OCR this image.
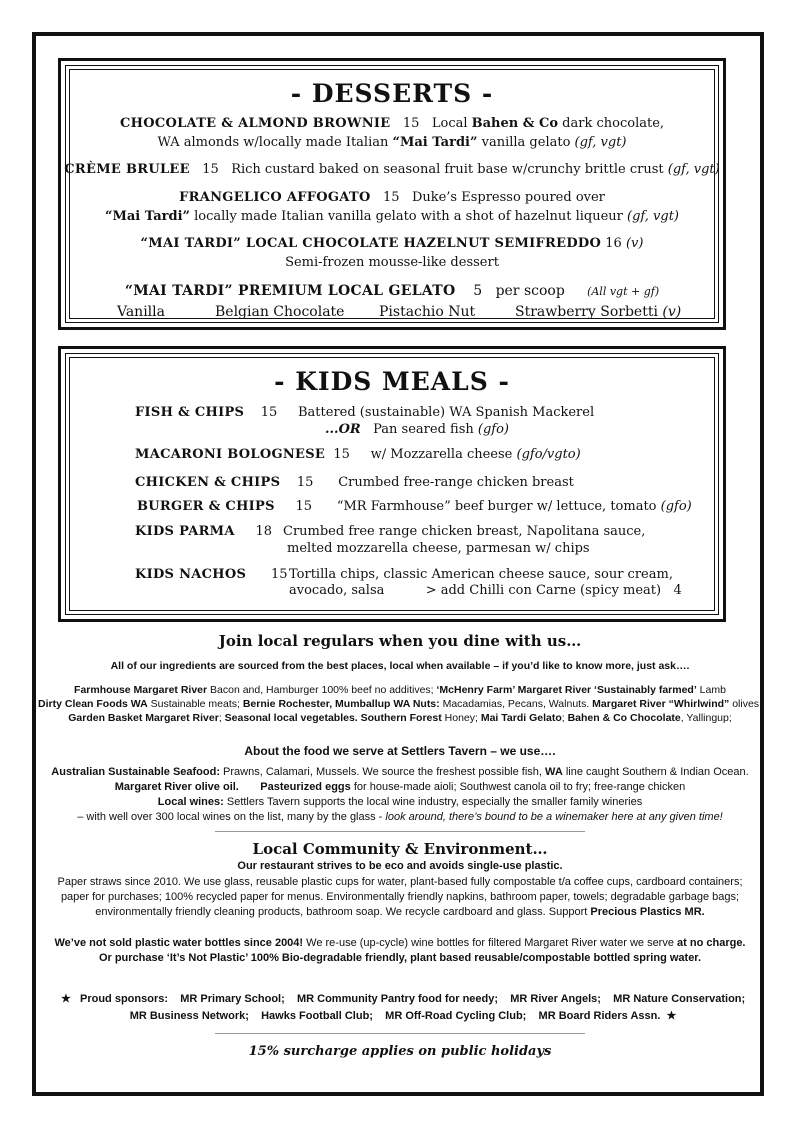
- DESSERTS -
CHOCOLATE & ALMOND BROWNIE 15 Local Bahen & Co dark chocolate,
WA almonds w/locally made Italian “Mai Tardi” vanilla gelato (gf, vgt)
CRÈME BRULEE 15 Rich custard baked on seasonal fruit base w/crunchy brittle crust (gf, vgt)
FRANGELICO AFFOGATO 15 Duke’s Espresso poured over
“Mai Tardi” locally made Italian vanilla gelato with a shot of hazelnut liqueur (gf, vgt)
“MAI TARDI” LOCAL CHOCOLATE HAZELNUT SEMIFREDDO 16 (v)
Semi-frozen mousse-like dessert
“MAI TARDI” PREMIUM LOCAL GELATO 5 per scoop (All vgt + gf)
Vanilla	Belgian Chocolate Pistachio Nut	Strawberry Sorbetti (v)
- KIDS MEALS -
FISH & CHIPS 15 Battered (sustainable) WA Spanish Mackerel
...OR Pan seared fish (gfo)
MACARONI BOLOGNESE 15 w/ Mozzarella cheese (gfo/vgto)
CHICKEN & CHIPS 15 Crumbed free-range chicken breast
BURGER & CHIPS 15 “MR Farmhouse” beef burger w/ lettuce, tomato (gfo)
KIDS PARMA 18 Crumbed free range chicken breast, Napolitana sauce,
melted mozzarella cheese, parmesan w/ chips
KIDS NACHOS 15 Tortilla chips, classic American cheese sauce, sour cream,
avocado, salsa	> add Chilli con Carne (spicy meat) 4
Join local regulars when you dine with us…
All of our ingredients are sourced from the best places, local when available – if you’d like to know more, just ask….
Farmhouse Margaret River Bacon and, Hamburger 100% beef no additives; ‘McHenry Farm’ Margaret River ‘Sustainably farmed’ Lamb
Dirty Clean Foods WA Sustainable meats; Bernie Rochester, Mumballup WA Nuts: Macadamias, Pecans, Walnuts. Margaret River “Whirlwind” olives;
Garden Basket Margaret River; Seasonal local vegetables. Southern Forest Honey; Mai Tardi Gelato; Bahen & Co Chocolate, Yallingup;
About the food we serve at Settlers Tavern – we use….
Australian Sustainable Seafood: Prawns, Calamari, Mussels. We source the freshest possible fish, WA line caught Southern & Indian Ocean.
Margaret River olive oil. Pasteurized eggs for house-made aioli; Southwest canola oil to fry; free-range chicken
Local wines: Settlers Tavern supports the local wine industry, especially the smaller family wineries
– with well over 300 local wines on the list, many by the glass - look around, there’s bound to be a winemaker here at any given time!
Local Community & Environment…
Our restaurant strives to be eco and avoids single-use plastic.
Paper straws since 2010. We use glass, reusable plastic cups for water, plant-based fully compostable t/a coffee cups, cardboard containers;
paper for purchases; 100% recycled paper for menus. Environmentally friendly napkins, bathroom paper, towels; degradable garbage bags;
environmentally friendly cleaning products, bathroom soap. We recycle cardboard and glass. Support Precious Plastics MR.
We’ve not sold plastic water bottles since 2004! We re-use (up-cycle) wine bottles for filtered Margaret River water we serve at no charge.
Or purchase ‘It’s Not Plastic’ 100% Bio-degradable friendly, plant based reusable/compostable bottled spring water.

★ Proud sponsors:    MR Primary School;    MR Community Pantry food for needy;    MR River Angels;    MR Nature Conservation;

MR Business Network;    Hawks Football Club;    MR Off-Road Cycling Club;    MR Board Riders Assn. ★

15% surcharge applies on public holidays
